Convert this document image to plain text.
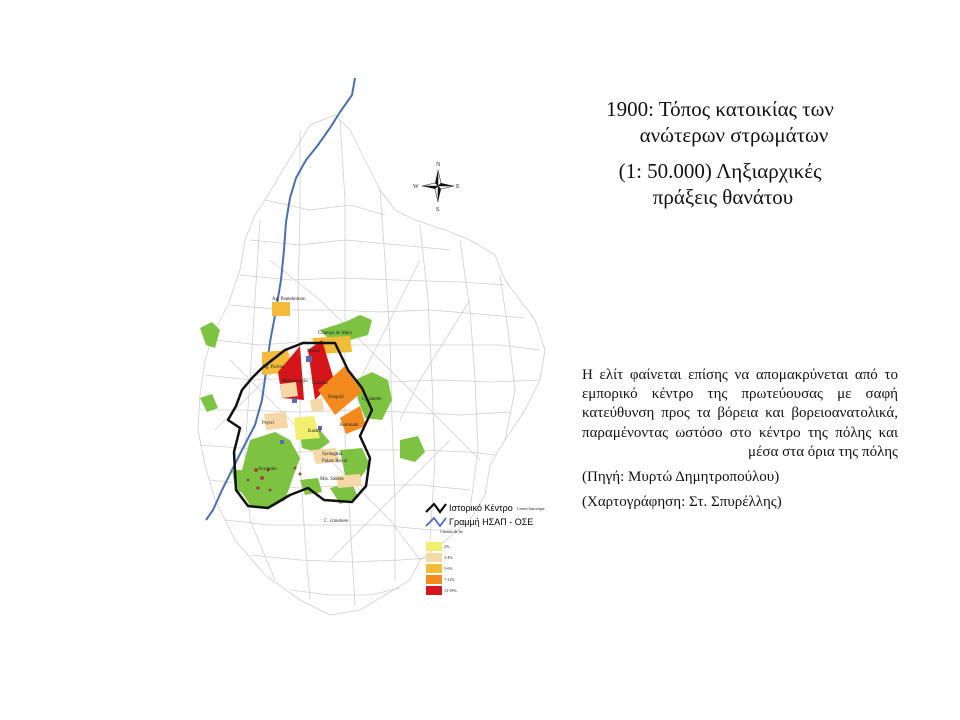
Ag. Panteleimon
Champs de Mars
Musee
Ag. Pavlos
Metaxourgio Exarhia
Neapoli	Lycabette
Kolonaki
Psyrri
Kastro
Syntagma
Palais Royal
Acropole
Mts. Sakres
C. cimetiere
N
S
E
W
Ιστορικό Κέντρο Centre historique
Γραμμή ΗΣΑΠ - ΟΣΕ
Chemin de fer
2%
3-4%
5-6%
7-12%
13-18%
1900: Τόπος κατοικίας των
ανώτερων στρωμάτων
(1: 50.000) Ληξιαρχικές
πράξεις θανάτου
Η ελίτ φαίνεται επίσης να απομακρύνεται από το εμπορικό κέντρο της πρωτεύουσας με σαφή κατεύθυνση προς τα βόρεια και βορειοανατολικά, παραμένοντας ωστόσο στο κέντρο της πόλης και μέσα στα όρια της πόλης
(Πηγή: Μυρτώ Δημητροπούλου)
(Χαρτογράφηση: Στ. Σπυρέλλης)
